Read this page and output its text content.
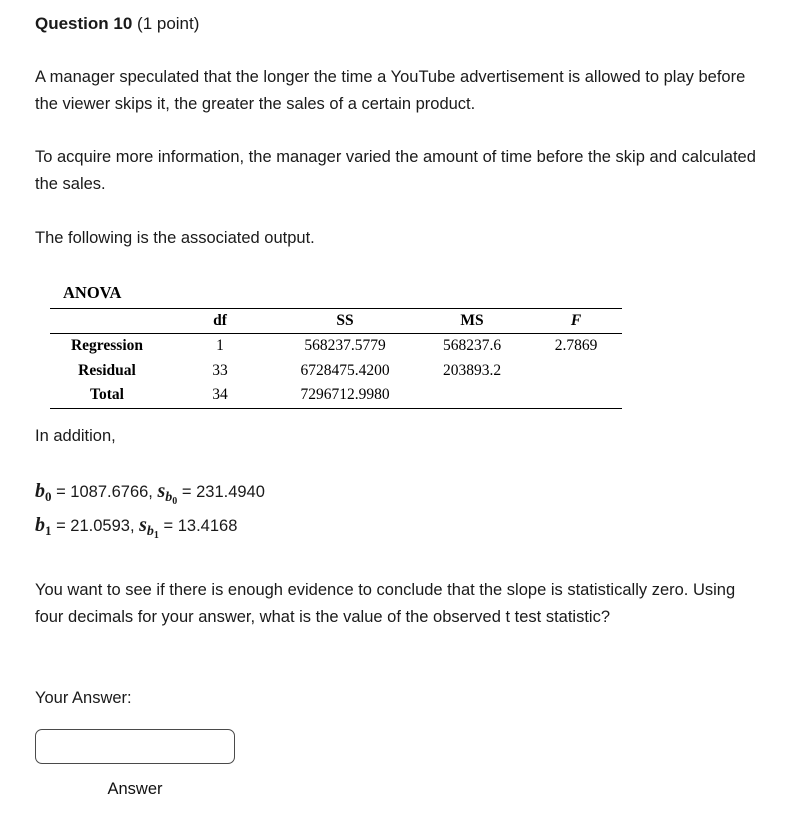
Question 10 (1 point)

A manager speculated that the longer the time a YouTube advertisement is allowed to play before the viewer skips it, the greater the sales of a certain product.

To acquire more information, the manager varied the amount of time before the skip and calculated the sales.

The following is the associated output.

ANOVA
	df	SS	MS	F
Regression	1	568237.5779	568237.6	2.7869
Residual	33	6728475.4200	203893.2	
Total	34	7296712.9980		

In addition,

$b_0 = 1087.6766$, $s_{b_0} = 231.4940$
$b_1 = 21.0593$, $s_{b_1} = 13.4168$

You want to see if there is enough evidence to conclude that the slope is statistically zero. Using four decimals for your answer, what is the value of the observed t test statistic?

Your Answer:
Answer
